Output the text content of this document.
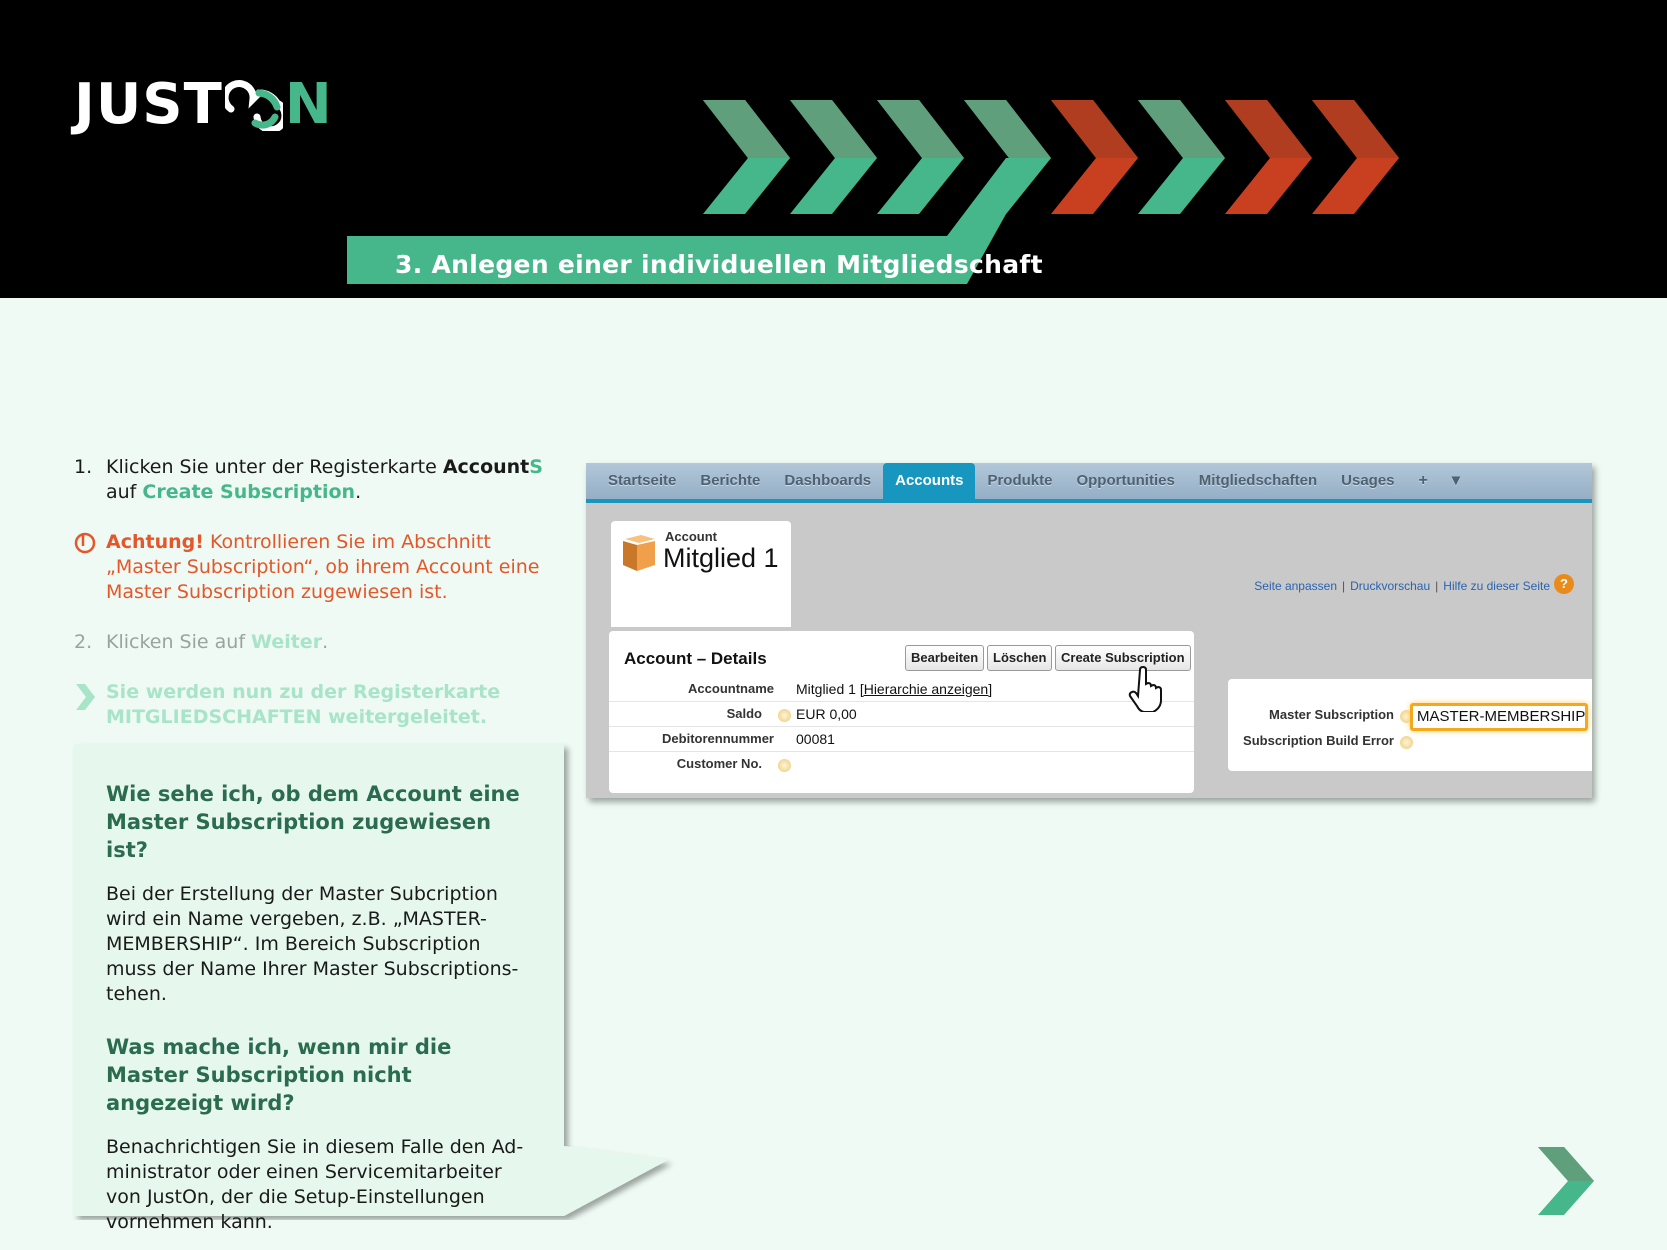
JUST N
3. Anlegen einer individuellen Mitgliedschaft
1. Klicken Sie unter der Registerkarte AccountS
auf Create Subscription.
Achtung! Kontrollieren Sie im Abschnitt „Master Subscription“, ob ihrem Account eine Master Subscription zugewiesen ist.
2. Klicken Sie auf Weiter.
Sie werden nun zu der Registerkarte MITGLIEDSCHAFTEN weitergeleitet.
Wie sehe ich, ob dem Account eine Master Subscription zugewiesen ist?

Bei der Erstellung der Master Subcription wird ein Name vergeben, z.B. „MASTER-MEMBERSHIP“. Im Bereich Subscription muss der Name Ihrer Master Subscriptionstehen.

Was mache ich, wenn mir die Master Subscription nicht angezeigt wird?

Benachrichtigen Sie in diesem Falle den Administrator oder einen Servicemitarbeiter von JustOn, der die Setup-Einstellungen vornehmen kann.

Startseite	Berichte	Dashboards	Accounts	Produkte	Opportunities	Mitgliedschaften	Usages	+	▾
Account
Mitglied 1
Seite anpassen | Druckvorschau | Hilfe zu dieser Seite ?
Account – Details	Bearbeiten	Löschen	Create Subscription
Accountname Mitglied 1 [Hierarchie anzeigen]
Saldo EUR 0,00
Debitorennummer 00081
Customer No.
Master Subscription	MASTER-MEMBERSHIP
Subscription Build Error
